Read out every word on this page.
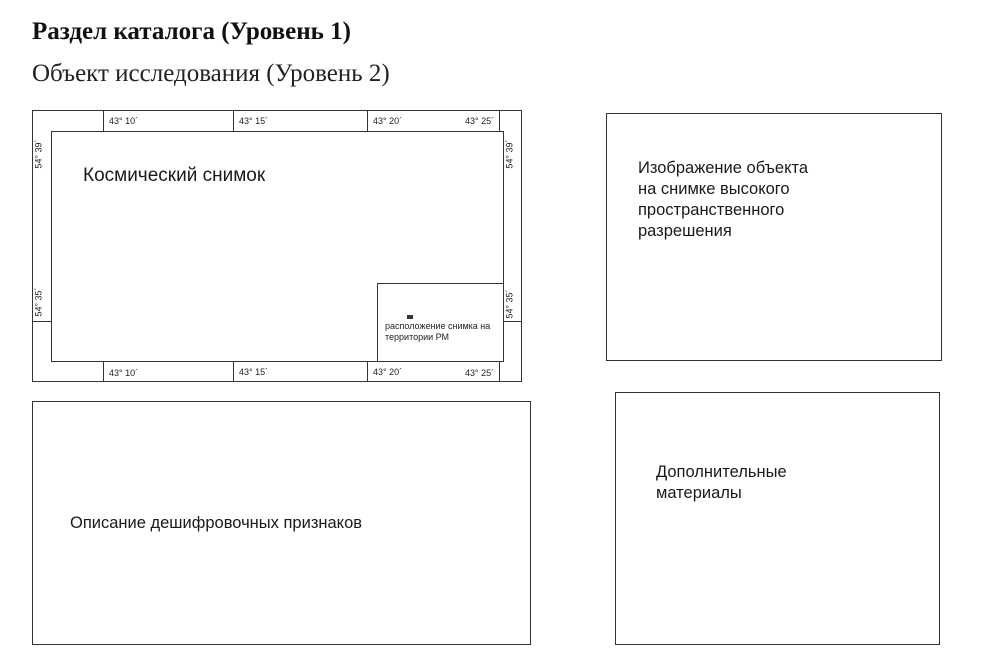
Раздел каталога (Уровень 1)
Объект исследования (Уровень 2)
43° 10´	43° 15´	43° 20´	43° 25´
43° 10´	43° 15´	43° 20´	43° 25´
54° 39´
54° 35´
54° 39´
54° 35´
Космический снимок
расположение снимка на
территории РМ
Изображение объекта
на снимке высокого
пространственного
разрешения
Описание дешифровочных признаков
Дополнительные
материалы
